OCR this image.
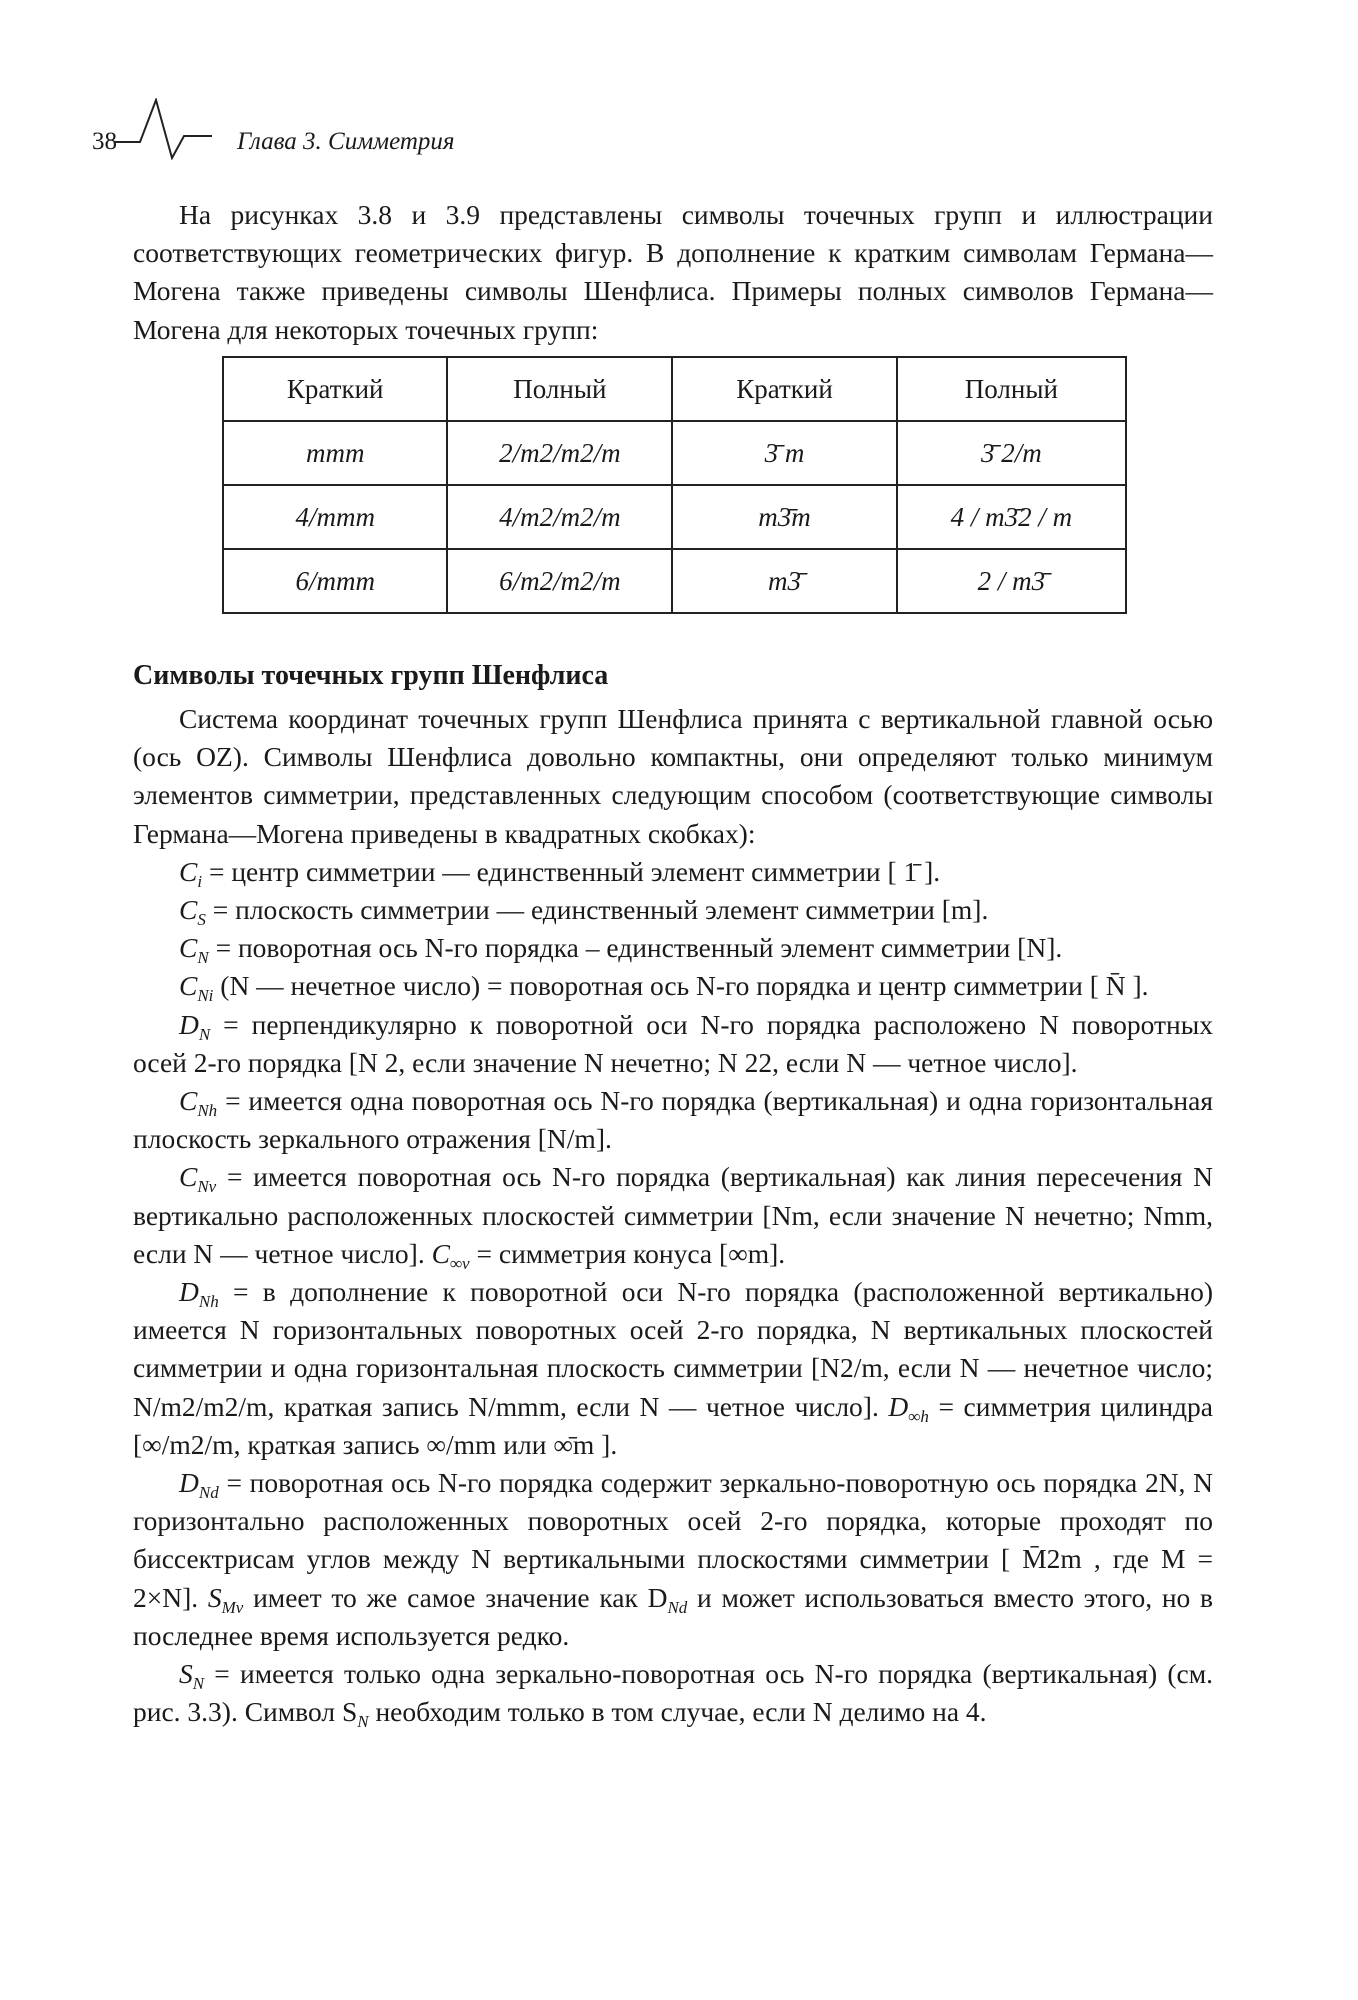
38	Глава 3. Симметрия

На рисунках 3.8 и 3.9 представлены символы точечных групп и иллюстрации соответствующих геометрических фигур. В дополнение к кратким символам Германа—Могена также приведены символы Шенфлиса. Примеры полных символов Германа—Могена для некоторых точечных групп:

Краткий	Полный	Краткий	Полный
mmm	2/m2/m2/m	3̄ m	3̄ 2/m
4/mmm	4/m2/m2/m	m3̄m	4 / m3̄2 / m
6/mmm	6/m2/m2/m	m3̄	2 / m3̄
Символы точечных групп Шенфлиса

Система координат точечных групп Шенфлиса принята с вертикальной главной осью (ось OZ). Символы Шенфлиса довольно компактны, они определяют только минимум элементов симметрии, представленных следующим способом (соответствующие символы Германа—Могена приведены в квадратных скобках):

$C_i$ = центр симметрии — единственный элемент симметрии [ 1̄ ].

$C_S$ = плоскость симметрии — единственный элемент симметрии [m].

$C_N$ = поворотная ось N-го порядка – единственный элемент симметрии [N].

$C_{Ni}$ (N — нечетное число) = поворотная ось N-го порядка и центр симметрии [ N̄ ].

$D_N$ = перпендикулярно к поворотной оси N-го порядка расположено N поворотных осей 2-го порядка [N 2, если значение N нечетно; N 22, если N — четное число].

$C_{Nh}$ = имеется одна поворотная ось N-го порядка (вертикальная) и одна горизонтальная плоскость зеркального отражения [N/m].

$C_{Nv}$ = имеется поворотная ось N-го порядка (вертикальная) как линия пересечения N вертикально расположенных плоскостей симметрии [Nm, если значение N нечетно; Nmm, если N — четное число]. $C_{\infty v}$ = симметрия конуса [∞m].

$D_{Nh} = в$ дополнение к поворотной оси N-го порядка (расположенной вертикально) имеется N горизонтальных поворотных осей 2-го порядка, N вертикальных плоскостей симметрии и одна горизонтальная плоскость симметрии [N2/m, если N — нечетное число; N/m2/m2/m, краткая запись N/mmm, если N — четное число]. $D_{\infty h}$ = симметрия цилиндра [∞/m2/m, краткая запись ∞/mm или ∞̄m ].

$D_{Nd}$ = поворотная ось N-го порядка содержит зеркально-поворотную ось порядка 2N, N горизонтально расположенных поворотных осей 2-го порядка, которые проходят по биссектрисам углов между N вертикальными плоскостями симметрии [ M̄2m , где M = 2×N]. $S_{Mv}$ имеет то же самое значение как $D_{Nd}$ и может использоваться вместо этого, но в последнее время используется редко.

$S_N$ = имеется только одна зеркально-поворотная ось N-го порядка (вертикальная) (см. рис. 3.3). Символ $S_N$ необходим только в том случае, если N делимо на 4.
